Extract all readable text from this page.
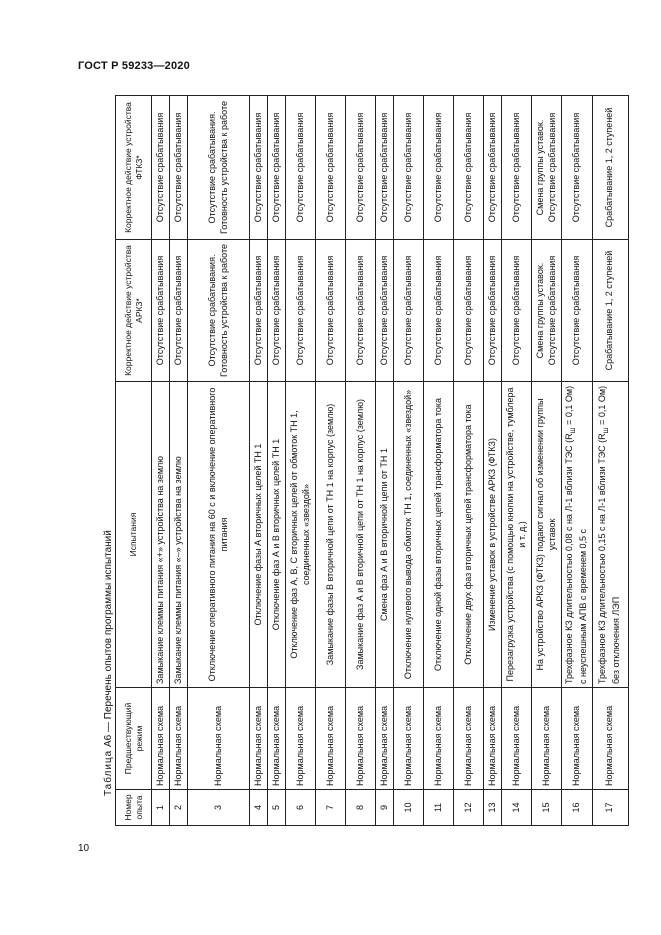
ГОСТ Р 59233—2020
10
Таблица А6 — Перечень опытов программы испытаний
Номер опыта	Предшествующий режим	Испытания	Корректное действие устройства АРКЗ*	Корректное действие устройства ФТКЗ*
1	Нормальная схема	Замыкание клеммы питания «+» устройства на землю	Отсутствие срабатывания	Отсутствие срабатывания
2	Нормальная схема	Замыкание клеммы питания «–» устройства на землю	Отсутствие срабатывания	Отсутствие срабатывания
3	Нормальная схема	Отключение оперативного питания на 60 с и включение оперативного питания	Отсутствие срабатывания. Готовность устройства к работе	Отсутствие срабатывания. Готовность устройства к работе
4	Нормальная схема	Отключение фазы А вторичных целей ТН 1	Отсутствие срабатывания	Отсутствие срабатывания
5	Нормальная схема	Отключение фаз А и В вторичных целей ТН 1	Отсутствие срабатывания	Отсутствие срабатывания
6	Нормальная схема	Отключение фаз А, В, С вторичных целей от обмоток ТН 1, соединенных «звездой»	Отсутствие срабатывания	Отсутствие срабатывания
7	Нормальная схема	Замыкание фазы В вторичной цепи от ТН 1 на корпус (землю)	Отсутствие срабатывания	Отсутствие срабатывания
8	Нормальная схема	Замыкание фаз А и В вторичной цепи от ТН 1 на корпус (землю)	Отсутствие срабатывания	Отсутствие срабатывания
9	Нормальная схема	Смена фаз А и В вторичной цепи от ТН 1	Отсутствие срабатывания	Отсутствие срабатывания
10	Нормальная схема	Отключение нулевого вывода обмоток ТН 1, соединенных «звездой»	Отсутствие срабатывания	Отсутствие срабатывания
11	Нормальная схема	Отключение одной фазы вторичных цепей трансформатора тока	Отсутствие срабатывания	Отсутствие срабатывания
12	Нормальная схема	Отключение двух фаз вторичных цепей трансформатора тока	Отсутствие срабатывания	Отсутствие срабатывания
13	Нормальная схема	Изменение уставок в устройстве АРКЗ (ФТКЗ)	Отсутствие срабатывания	Отсутствие срабатывания
14	Нормальная схема	Перезагрузка устройства (с помощью кнопки на устройстве, тумблера и т. д.)	Отсутствие срабатывания	Отсутствие срабатывания
15	Нормальная схема	На устройство АРКЗ (ФТКЗ) подают сигнал об изменении группы уставок	Смена группы уставок. Отсутствие срабатывания	Смена группы уставок. Отсутствие срабатывания
16	Нормальная схема	Трехфазное КЗ длительностью 0,08 с на Л-1 вблизи ТЭС ($R_Ш = 0,1$ Ом) с неуспешным АПВ с временем 0,5 с	Отсутствие срабатывания	Отсутствие срабатывания
17	Нормальная схема	Трехфазное КЗ длительностью 0,15 с на Л-1 вблизи ТЭС ($R_Ш = 0,1$ Ом) без отключения ЛЭП	Срабатывание 1, 2 ступеней	Срабатывание 1, 2 ступеней
